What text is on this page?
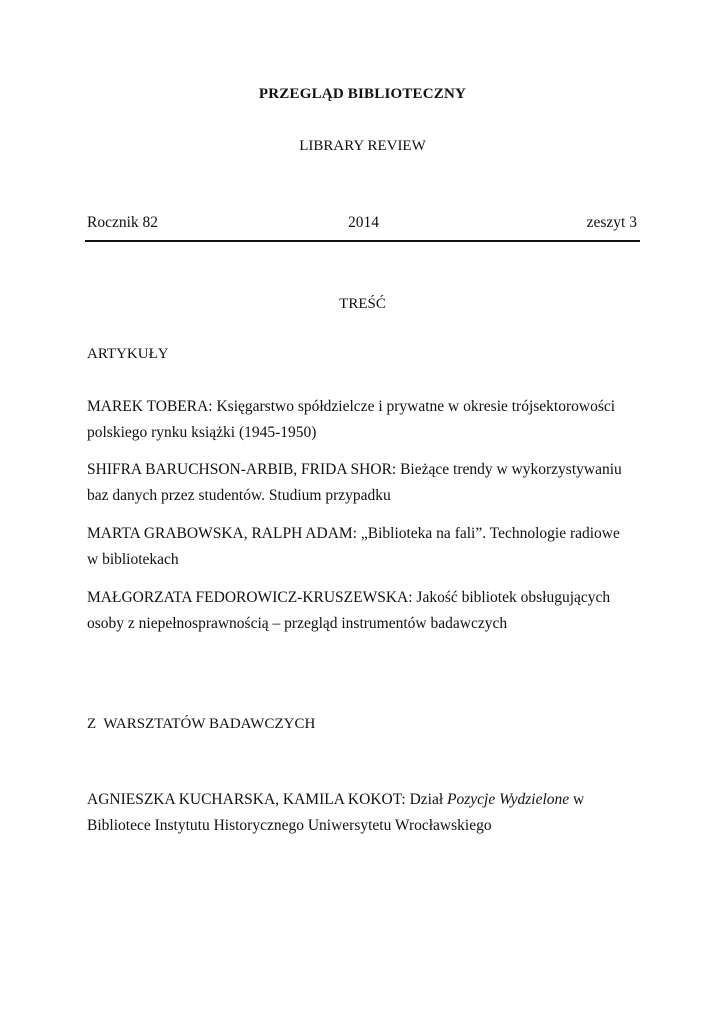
PRZEGLĄD BIBLIOTECZNY
LIBRARY REVIEW
Rocznik 82	2014	zeszyt 3
TREŚĆ
ARTYKUŁY
MAREK TOBERA: Księgarstwo spółdzielcze i prywatne w okresie trójsektorowości polskiego rynku książki (1945-1950)
SHIFRA BARUCHSON-ARBIB, FRIDA SHOR: Bieżące trendy w wykorzystywaniu baz danych przez studentów. Studium przypadku
MARTA GRABOWSKA, RALPH ADAM: „Biblioteka na fali”. Technologie radiowe w bibliotekach
MAŁGORZATA FEDOROWICZ-KRUSZEWSKA: Jakość bibliotek obsługujących osoby z niepełnosprawnością – przegląd instrumentów badawczych
Z  WARSZTATÓW BADAWCZYCH
AGNIESZKA KUCHARSKA, KAMILA KOKOT: Dział Pozycje Wydzielone w Bibliotece Instytutu Historycznego Uniwersytetu Wrocławskiego
